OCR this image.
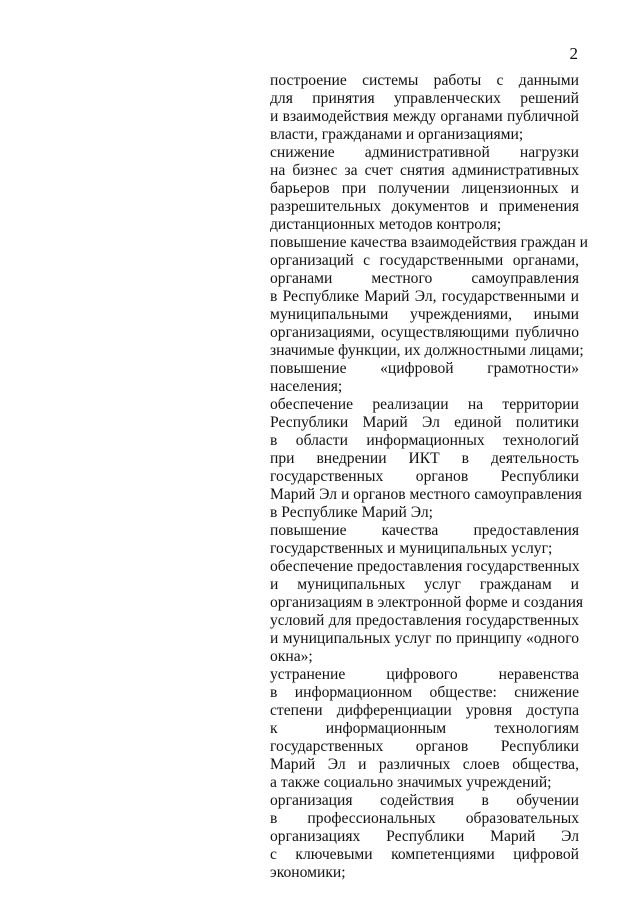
2

построение системы работы с данными
для принятия управленческих решений
и взаимодействия между органами публичной
власти, гражданами и организациями;

снижение административной нагрузки
на бизнес за счет снятия административных
барьеров при получении лицензионных и
разрешительных документов и применения
дистанционных методов контроля;

повышение качества взаимодействия граждан и
организаций с государственными органами,
органами местного самоуправления
в Республике Марий Эл, государственными и
муниципальными учреждениями, иными
организациями, осуществляющими публично
значимые функции, их должностными лицами;

повышение «цифровой грамотности»
населения;

обеспечение реализации на территории
Республики Марий Эл единой политики
в области информационных технологий
при внедрении ИКТ в деятельность
государственных органов Республики
Марий Эл и органов местного самоуправления
в Республике Марий Эл;

повышение качества предоставления
государственных и муниципальных услуг;

обеспечение предоставления государственных
и муниципальных услуг гражданам и
организациям в электронной форме и создания
условий для предоставления государственных
и муниципальных услуг по принципу «одного
окна»;

устранение цифрового неравенства
в информационном обществе: снижение
степени дифференциации уровня доступа
к информационным технологиям
государственных органов Республики
Марий Эл и различных слоев общества,
а также социально значимых учреждений;

организация содействия в обучении
в профессиональных образовательных
организациях Республики Марий Эл
с ключевыми компетенциями цифровой
экономики;
